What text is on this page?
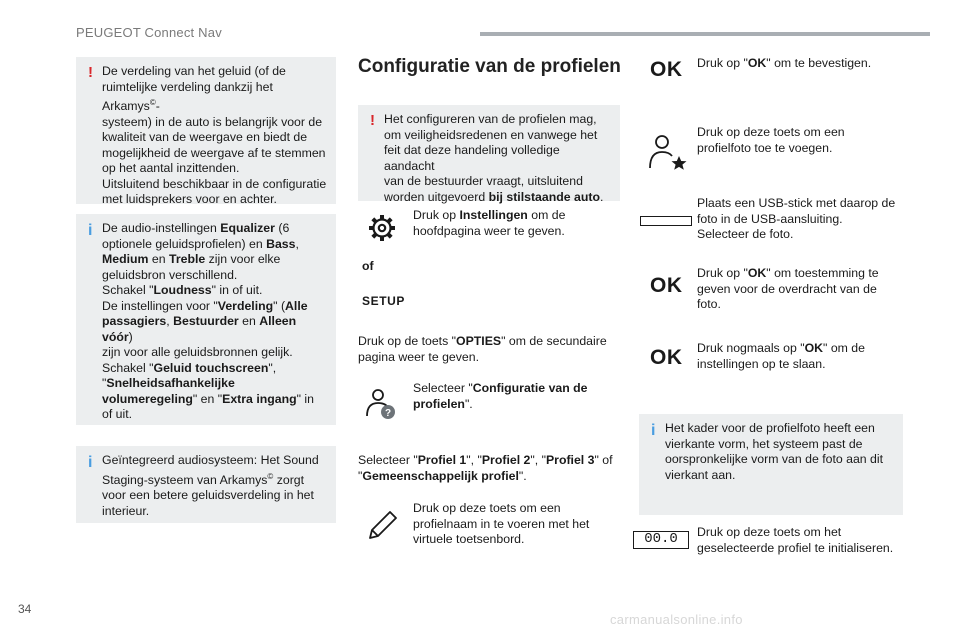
PEUGEOT Connect Nav
! De verdeling van het geluid (of de

ruimtelijke verdeling dankzij het Arkamys©-

systeem) in de auto is belangrijk voor de

kwaliteit van de weergave en biedt de

mogelijkheid de weergave af te stemmen

op het aantal inzittenden.

Uitsluitend beschikbaar in de configuratie

met luidsprekers voor en achter.

i De audio-instellingen Equalizer (6

optionele geluidsprofielen) en Bass,

Medium en Treble zijn voor elke

geluidsbron verschillend.

Schakel "Loudness" in of uit.

De instellingen voor "Verdeling" (Alle

passagiers, Bestuurder en Alleen vóór)

zijn voor alle geluidsbronnen gelijk.

Schakel "Geluid touchscreen",

"Snelheidsafhankelijke

volumeregeling" en "Extra ingang" in

of uit.

i Geïntegreerd audiosysteem: Het Sound

Staging-systeem van Arkamys© zorgt

voor een betere geluidsverdeling in het

interieur.

Configuratie van de profielen
! Het configureren van de profielen mag,

om veiligheidsredenen en vanwege het

feit dat deze handeling volledige aandacht

van de bestuurder vraagt, uitsluitend

worden uitgevoerd bij stilstaande auto.

Druk op Instellingen om de

hoofdpagina weer te geven.

of
SETUP

Druk op de toets "OPTIES" om de secundaire

pagina weer te geven.

?

Selecteer "Configuratie van de

profielen".

Selecteer "Profiel 1", "Profiel 2", "Profiel 3" of

"Gemeenschappelijk profiel".

Druk op deze toets om een

profielnaam in te voeren met het

virtuele toetsenbord.

OK Druk op "OK" om te bevestigen.

Druk op deze toets om een

profielfoto toe te voegen.

Plaats een USB-stick met daarop de

foto in de USB-aansluiting.

Selecteer de foto.

OK

Druk op "OK" om toestemming te

geven voor de overdracht van de

foto.

OK Druk nogmaals op "OK" om de

instellingen op te slaan.

i Het kader voor de profielfoto heeft een

vierkante vorm, het systeem past de

oorspronkelijke vorm van de foto aan dit

vierkant aan.

00.0	Druk op deze toets om het

geselecteerde profiel te initialiseren.

34
carmanualsonline.info
